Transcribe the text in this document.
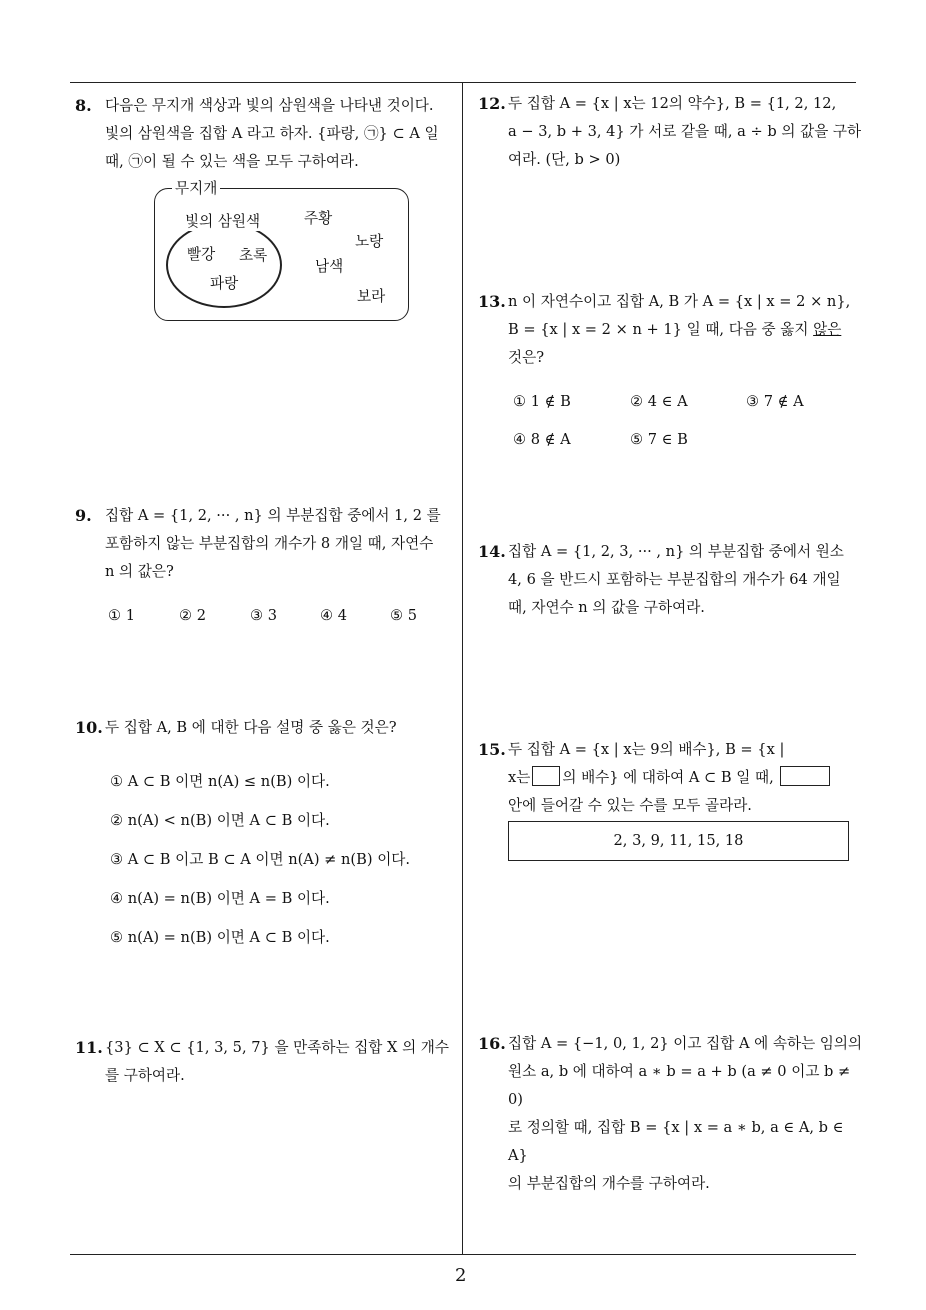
8. 다음은 무지개 색상과 빛의 삼원색을 나타낸 것이다.
빛의 삼원색을 집합 A 라고 하자. {파랑, ㉠} ⊂ A 일
때, ㉠이 될 수 있는 색을 모두 구하여라.
무지개
빛의 삼원색
빨강 초록
파랑
주황
노랑
남색
보라
9. 집합 A = {1, 2, ··· , n} 의 부분집합 중에서 1, 2 를
포함하지 않는 부분집합의 개수가 8 개일 때, 자연수
n 의 값은?
① 1	② 2	③ 3	④ 4	⑤ 5
10. 두 집합 A, B 에 대한 다음 설명 중 옳은 것은?
① A ⊂ B 이면 n(A) ≤ n(B) 이다.
② n(A) < n(B) 이면 A ⊂ B 이다.
③ A ⊂ B 이고 B ⊂ A 이면 n(A) ≠ n(B) 이다.
④ n(A) = n(B) 이면 A = B 이다.
⑤ n(A) = n(B) 이면 A ⊂ B 이다.
11. {3} ⊂ X ⊂ {1, 3, 5, 7} 을 만족하는 집합 X 의 개수
를 구하여라.
12. 두 집합 A = {x | x는 12의 약수}, B = {1, 2, 12,
a − 3, b + 3, 4} 가 서로 같을 때, a ÷ b 의 값을 구하
여라. (단, b > 0)
13. n 이 자연수이고 집합 A, B 가 A = {x | x = 2 × n},
B = {x | x = 2 × n + 1} 일 때, 다음 중 옳지 않은
것은?
① 1 ∉ B	② 4 ∈ A	③ 7 ∉ A
④ 8 ∉ A	⑤ 7 ∈ B
14. 집합 A = {1, 2, 3, ··· , n} 의 부분집합 중에서 원소
4, 6 을 반드시 포함하는 부분집합의 개수가 64 개일
때, 자연수 n 의 값을 구하여라.
15. 두 집합 A = {x | x는 9의 배수}, B = {x |
x는 의 배수} 에 대하여 A ⊂ B 일 때,
안에 들어갈 수 있는 수를 모두 골라라.
2, 3, 9, 11, 15, 18
16. 집합 A = {−1, 0, 1, 2} 이고 집합 A 에 속하는 임의의
원소 a, b 에 대하여 a ∗ b = a + b (a ≠ 0 이고 b ≠ 0)
로 정의할 때, 집합 B = {x | x = a ∗ b, a ∈ A, b ∈ A}
의 부분집합의 개수를 구하여라.
2
